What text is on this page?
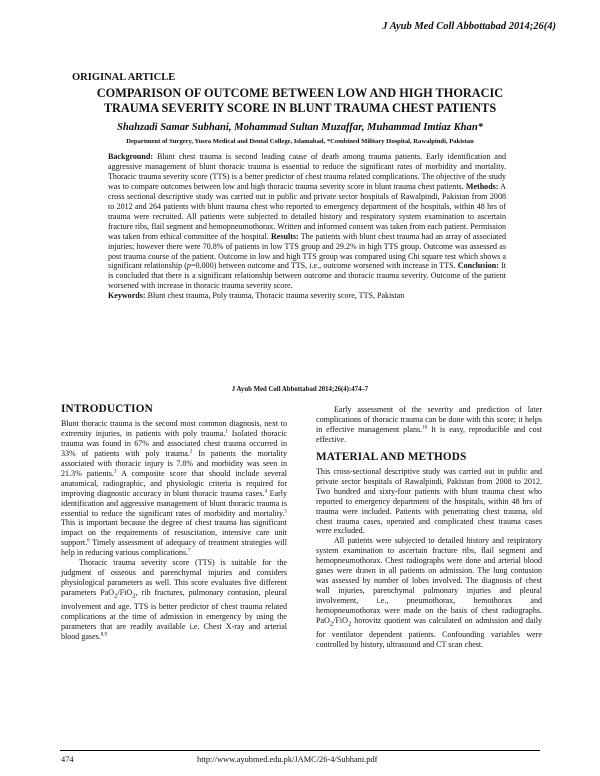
J Ayub Med Coll Abbottabad 2014;26(4)
ORIGINAL ARTICLE
COMPARISON OF OUTCOME BETWEEN LOW AND HIGH THORACIC
TRAUMA SEVERITY SCORE IN BLUNT TRAUMA CHEST PATIENTS
Shahzadi Samar Subhani, Mohammad Sultan Muzaffar, Muhammad Imtiaz Khan*
Department of Surgery, Yusra Medical and Dental College, Islamabad, *Combined Military Hospital, Rawalpindi, Pakistan
Background: Blunt chest trauma is second leading cause of death among trauma patients. Early identification and aggressive management of blunt thoracic trauma is essential to reduce the significant rates of morbidity and mortality. Thoracic trauma severity score (TTS) is a better predictor of chest trauma related complications. The objective of the study was to compare outcomes between low and high thoracic trauma severity score in blunt trauma chest patients. Methods: A cross sectional descriptive study was carried out in public and private sector hospitals of Rawalpindi, Pakistan from 2008 to 2012 and 264 patients with blunt trauma chest who reported to emergency department of the hospitals, within 48 hrs of trauma were recruited. All patients were subjected to detailed history and respiratory system examination to ascertain fracture ribs, flail segment and hemopneumothorax. Written and informed consent was taken from each patient. Permission was taken from ethical committee of the hospital. Results: The patients with blunt chest trauma had an array of associated injuries; however there were 70.8% of patients in low TTS group and 29.2% in high TTS group. Outcome was assessed as post trauma course of the patient. Outcome in low and high TTS group was compared using Chi square test which shows a significant relationship (p=0.000) between outcome and TTS, i.e., outcome worsened with increase in TTS. Conclusion: It is concluded that there is a significant relationship between outcome and thoracic trauma severity. Outcome of the patient worsened with increase in thoracic trauma severity score.
Keywords: Blunt chest trauma, Poly trauma, Thoracic trauma severity score, TTS, Pakistan
J Ayub Med Coll Abbottabad 2014;26(4):474–7
INTRODUCTION

Blunt thoracic trauma is the second most common diagnosis, next to extremity injuries, in patients with poly trauma.$^1$ Isolated thoracic trauma was found in 67% and associated chest trauma occurred in 33% of patients with poly trauma.$^2$ In patients the mortality associated with thoracic injury is 7.8% and morbidity was seen in 21.3% patients.$^3$ A composite score that should include several anatomical, radiographic, and physiologic criteria is required for improving diagnostic accuracy in blunt thoracic trauma cases.$^4$ Early identification and aggressive management of blunt thoracic trauma is essential to reduce the significant rates of morbidity and mortality.$^5$ This is important because the degree of chest trauma has significant impact on the requirements of resuscitation, intensive care unit support.$^6$ Timely assessment of adequacy of treatment strategies will help in reducing various complications.$^7$

Thoracic trauma severity score (TTS) is suitable for the judgment of osseous and parenchymal injuries and considers physiological parameters as well. This score evaluates five different parameters PaO$_2$/FiO$_2$, rib fractures, pulmonary contusion, pleural involvement and age. TTS is better predictor of chest trauma related complications at the time of admission in emergency by using the parameters that are readily available i.e. Chest X-ray and arterial blood gases.$^{8,9}$

Early assessment of the severity and prediction of later complications of thoracic trauma can be done with this score; it helps in effective management plans.$^{10}$ It is easy, reproducible and cost effective.

MATERIAL AND METHODS

This cross-sectional descriptive study was carried out in public and private sector hospitals of Rawalpindi, Pakistan from 2008 to 2012. Two hundred and sixty-four patients with blunt trauma chest who reported to emergency department of the hospitals, within 48 hrs of trauma were included. Patients with penetrating chest trauma, old chest trauma cases, operated and complicated chest trauma cases were excluded.

All patients were subjected to detailed history and respiratory system examination to ascertain fracture ribs, flail segment and hemopneumothorax. Chest radiographs were done and arterial blood gases were drawn in all patients on admission. The lung contusion was assessed by number of lobes involved. The diagnosis of chest wall injuries, parenchymal pulmonary injuries and pleural involvement, i.e., pneumothorax, hemothorax and hemopneumothorax were made on the basis of chest radiographs. PaO$_2$/FiO$_2$ horovitz quotient was calculated on admission and daily for ventilator dependent patients. Confounding variables were controlled by history, ultrasound and CT scan chest.

474	http://www.ayubmed.edu.pk/JAMC/26-4/Subhani.pdf
